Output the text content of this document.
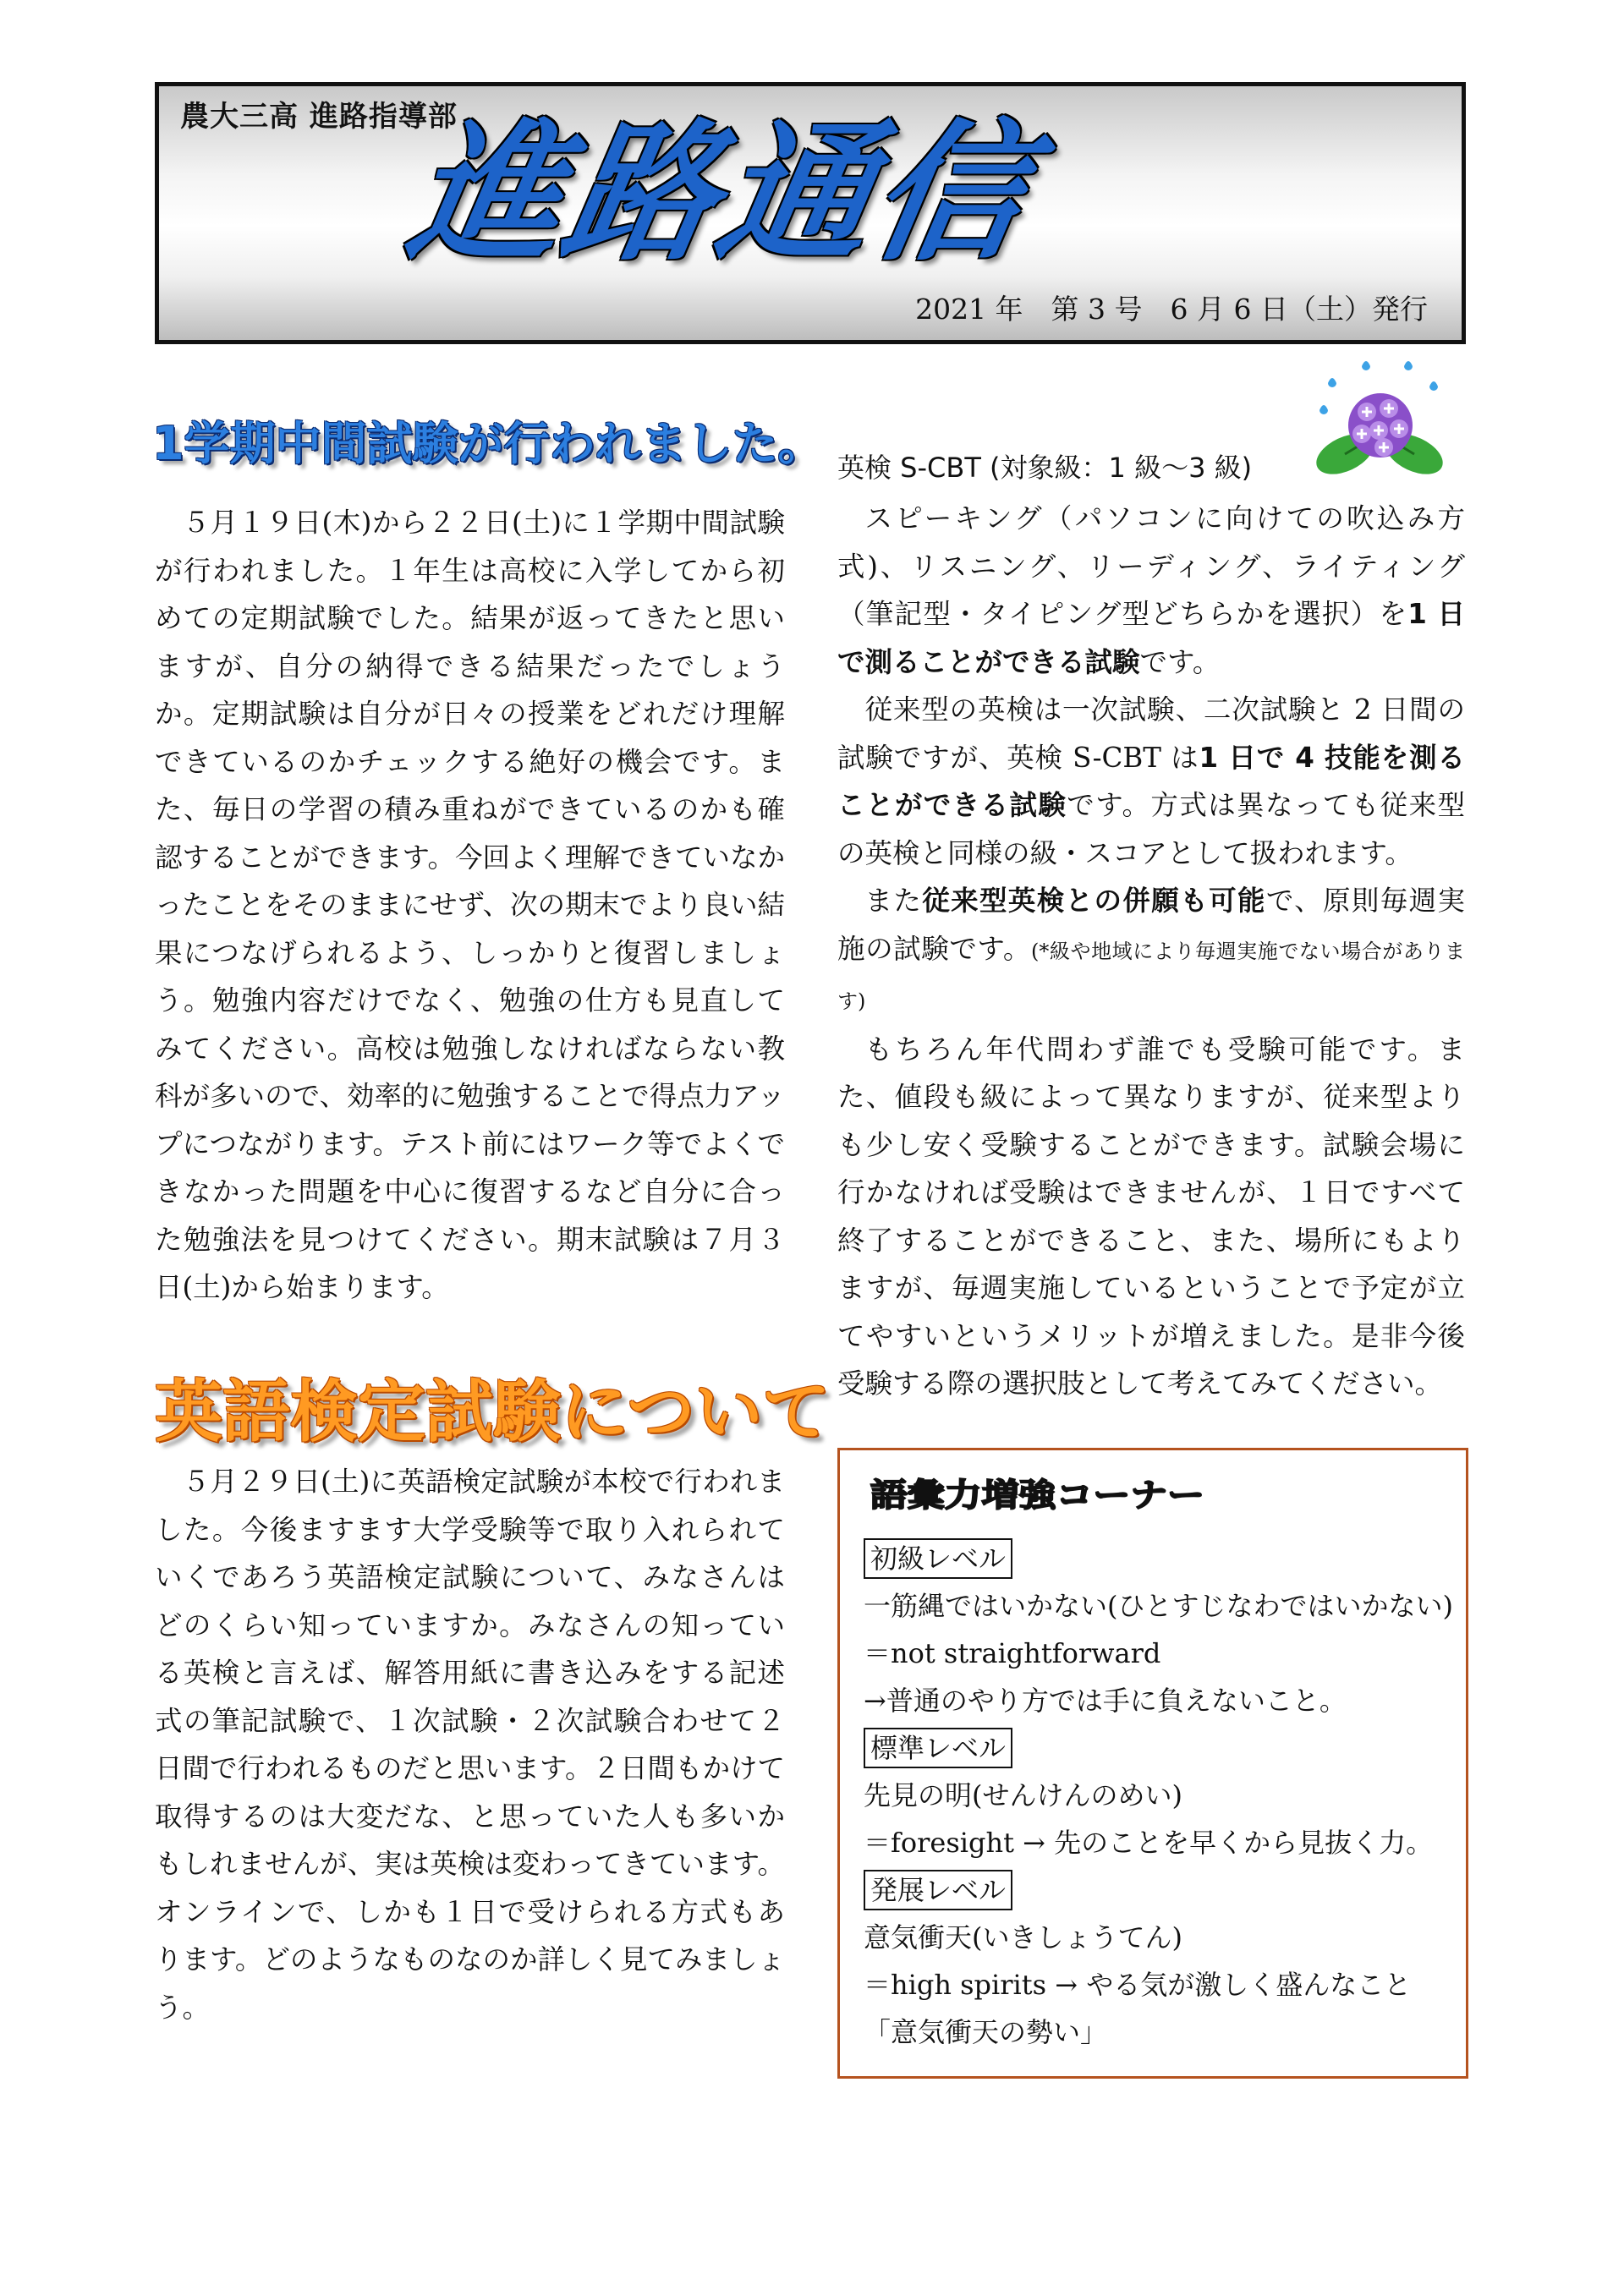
農大三高 進路指導部
進路通信
2021 年　第 3 号　6 月 6 日（土）発行
1学期中間試験が行われました。

５月１９日(木)から２２日(土)に１学期中間試験が行われました。１年生は高校に入学してから初めての定期試験でした。結果が返ってきたと思いますが、自分の納得できる結果だったでしょうか。定期試験は自分が日々の授業をどれだけ理解できているのかチェックする絶好の機会です。また、毎日の学習の積み重ねができているのかも確認することができます。今回よく理解できていなかったことをそのままにせず、次の期末でより良い結果につなげられるよう、しっかりと復習しましょう。勉強内容だけでなく、勉強の仕方も見直してみてください。高校は勉強しなければならない教科が多いので、効率的に勉強することで得点力アップにつながります。テスト前にはワーク等でよくできなかった問題を中心に復習するなど自分に合った勉強法を見つけてください。期末試験は７月３日(土)から始まります。

英語検定試験について

５月２９日(土)に英語検定試験が本校で行われました。今後ますます大学受験等で取り入れられていくであろう英語検定試験について、みなさんはどのくらい知っていますか。みなさんの知っている英検と言えば、解答用紙に書き込みをする記述式の筆記試験で、１次試験・２次試験合わせて２日間で行われるものだと思います。２日間もかけて取得するのは大変だな、と思っていた人も多いかもしれませんが、実は英検は変わってきています。オンラインで、しかも１日で受けられる方式もあります。どのようなものなのか詳しく見てみましょう。

英検 S-CBT (対象級：1 級～3 級)

スピーキング（パソコンに向けての吹込み方式)、リスニング、リーディング、ライティング（筆記型・タイピング型どちらかを選択）を1 日で測ることができる試験です。

従来型の英検は一次試験、二次試験と 2 日間の試験ですが、英検 S-CBT は1 日で 4 技能を測ることができる試験です。方式は異なっても従来型の英検と同様の級・スコアとして扱われます。

また従来型英検との併願も可能で、原則毎週実施の試験です。(*級や地域により毎週実施でない場合があります)

もちろん年代問わず誰でも受験可能です。また、値段も級によって異なりますが、従来型よりも少し安く受験することができます。試験会場に行かなければ受験はできませんが、１日ですべて終了することができること、また、場所にもよりますが、毎週実施しているということで予定が立てやすいというメリットが増えました。是非今後受験する際の選択肢として考えてみてください。

語彙力増強コーナー
初級レベル
一筋縄ではいかない(ひとすじなわではいかない)
＝not straightforward
→普通のやり方では手に負えないこと。
標準レベル
先見の明(せんけんのめい)
＝foresight → 先のことを早くから見抜く力。
発展レベル
意気衝天(いきしょうてん)
＝high spirits → やる気が激しく盛んなこと
「意気衝天の勢い」
